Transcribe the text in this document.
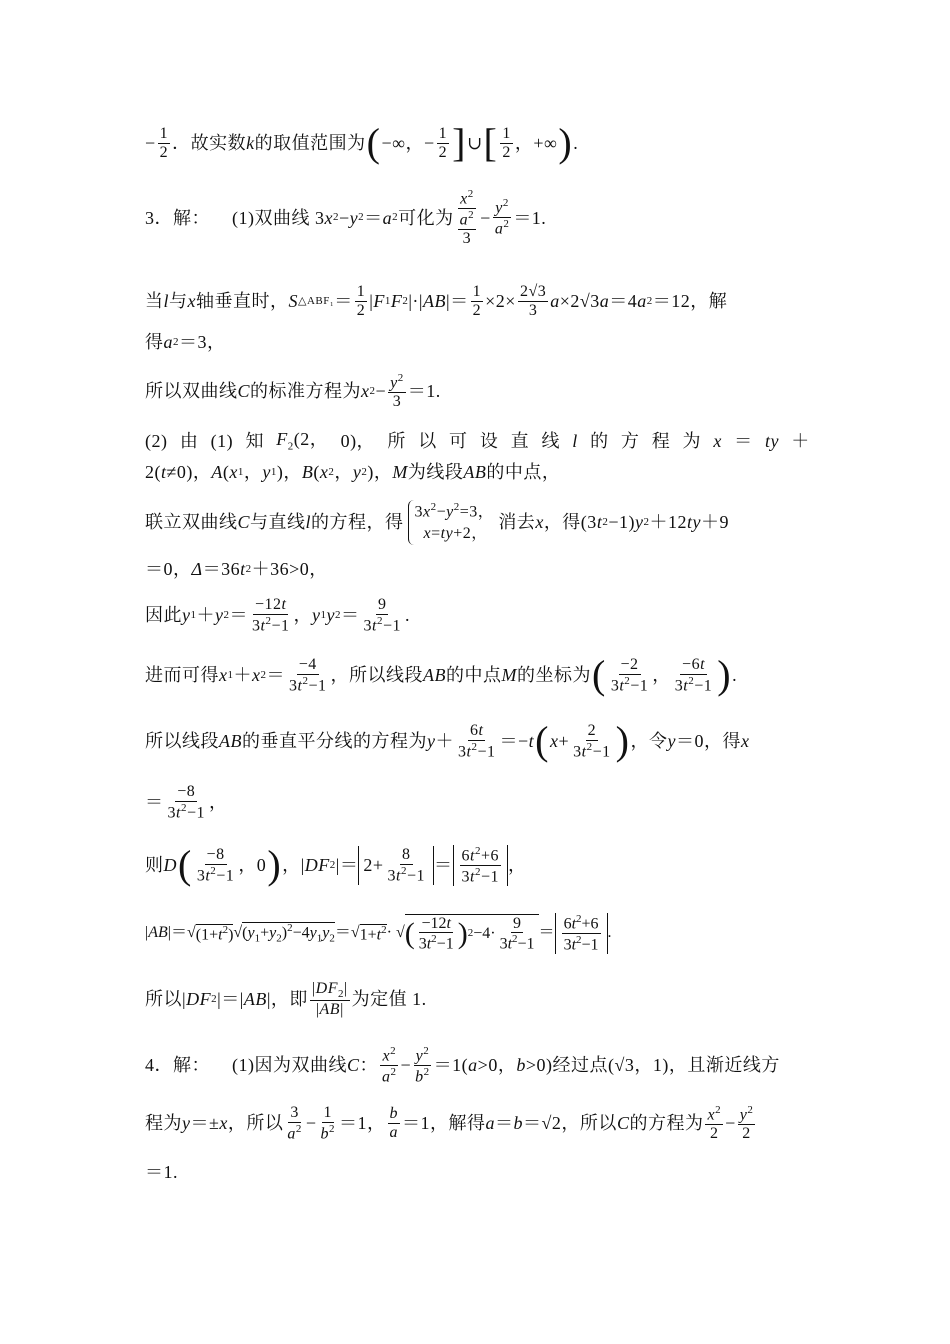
− $\frac{1}{2}$ ．故实数 k 的取值范围为 ( −∞，− $\frac{1}{2}$ ] ∪ [ $\frac{1}{2}$ ，+∞ ) .
3．解： (1)双曲线 3 x 2 − y 2 ＝ a 2 可化为 $x^2$
$a^2$
$3 - \frac{y^2}{a^2} =1$.
当 l 与 x 轴垂直时， S △ABF₁ ＝ $\frac{1}{2}$ | F 1 F 2 |·| AB |＝ $\frac{1}{2} \times 2\times \frac{2√3}{3}$ a ×2√3 a ＝4 a 2 ＝12，解
得 a 2 ＝3，
所以双曲线 C 的标准方程为 x $2 - \frac{y^2}{3} =1$.
(2) 由 (1) 知 $F_2(2$， 0)， 所 以 可 设 直 线 l 的 方 程 为 x ＝ ty ＋
2( t ≠0)， A ( x 1 ， y 1 )， B ( x 2 ， y 2 )， M 为线段 AB 的中点，
联立双曲线 C 与直线 l 的方程，得
$3x^2-y^2=3$，
x=ty+2，
消去 x ，得(3 t 2 −1) y 2 ＋12 ty ＋9
＝0， Δ ＝36 t 2 ＋36>0，
因此 y 1 ＋ y $2 = \frac{-12t}{3t^2-1}$ ， y 1 y $2 = \frac{9}{3t^2-1}$ .
进而可得 x 1 ＋ x $2 = \frac{-4}{3t^2-1}$ ，所以线段 AB 的中点 M 的坐标为 ( $\frac{-2}{3t^2-1}$ ， $\frac{-6t}{3t^2-1}$ ) .
所以线段 AB 的垂直平分线的方程为 $y + \frac{6t}{3t^2-1} =- t$ ( $x + \frac{2}{3t^2-1}$ ) ，令 y ＝0，得 x
＝ $\frac{-8}{3t^2-1}$ ，
则 D ( $\frac{-8}{3t^2-1}$ ，0 ) ，| DF 2 |＝ $2+ \frac{8}{3t^2-1} = \frac{6t^2+6}{3t^2-1}$ ，
| AB |＝ √ $(1+t^2)$ √ $(y_1+y_2)^2-4y_1y_2$ ＝√ $1+t^2$ · √ ( $\frac{-12t}{3t^2-1}$ ) $2 -4\cdot \frac{9}{3t^2-1} = \frac{6t^2+6}{3t^2-1}$ .
所以| DF 2 |＝| AB |，即 $\frac{|DF_2|}{|AB|}$ 为定值 1.
4．解： (1)因为双曲线 C ： $\frac{x^2}{a^2} - \frac{y^2}{b^2} =1$( a >0， b >0)经过点(√3，1)，且渐近线方
程为 y ＝± x ，所以 $\frac{3}{a^2} - \frac{1}{b^2} =1$， $\frac{b}{a} =1$，解得 a ＝ b ＝√2，所以 C 的方程为 $\frac{x^2}{2} - \frac{y^2}{2}$
＝1.
